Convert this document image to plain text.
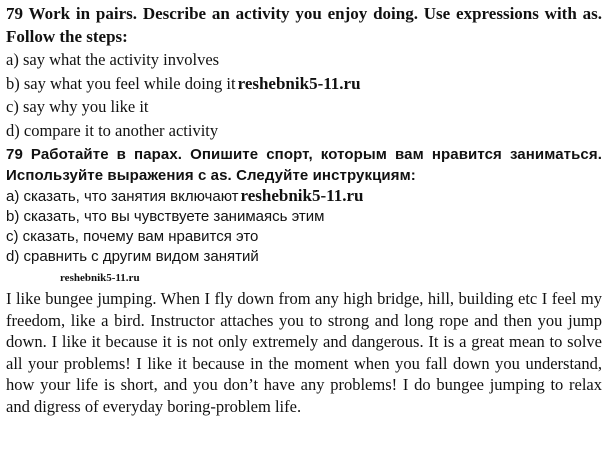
79 Work in pairs. Describe an activity you enjoy doing. Use expressions with as. Follow the steps:

a) say what the activity involves

b) say what you feel while doing it reshebnik5-11.ru

c) say why you like it

d) compare it to another activity

79 Работайте в парах. Опишите спорт, которым вам нравится заниматься. Используйте выражения с as. Следуйте инструкциям:

а) сказать, что занятия включают reshebnik5-11.ru

b) сказать, что вы чувствуете занимаясь этим

c) сказать, почему вам нравится это

d) сравнить с другим видом занятий

reshebnik5-11.ru

I like bungee jumping. When I fly down from any high bridge, hill, building etc I feel my freedom, like a bird. Instructor attaches you to strong and long rope and then you jump down. I like it because it is not only extremely and dangerous. It is a great mean to solve all your problems! I like it because in the moment when you fall down you understand, how your life is short, and you don’t have any problems! I do bungee jumping to relax and digress of everyday boring-problem life.
